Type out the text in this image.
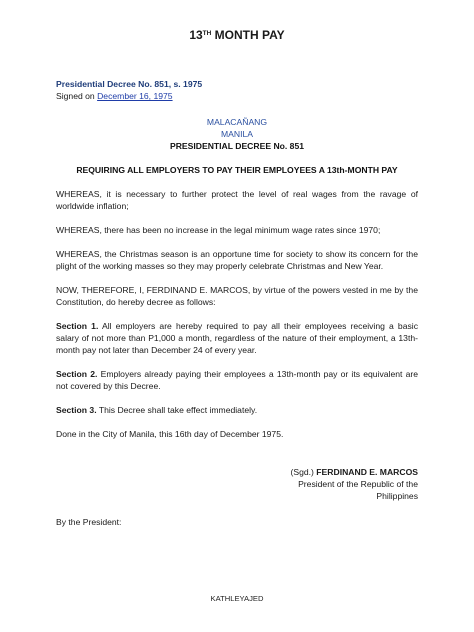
13TH MONTH PAY
Presidential Decree No. 851, s. 1975
Signed on December 16, 1975
MALACAÑANG
MANILA
PRESIDENTIAL DECREE No. 851
REQUIRING ALL EMPLOYERS TO PAY THEIR EMPLOYEES A 13th-MONTH PAY

WHEREAS, it is necessary to further protect the level of real wages from the ravage of worldwide inflation;

WHEREAS, there has been no increase in the legal minimum wage rates since 1970;

WHEREAS, the Christmas season is an opportune time for society to show its concern for the plight of the working masses so they may properly celebrate Christmas and New Year.

NOW, THEREFORE, I, FERDINAND E. MARCOS, by virtue of the powers vested in me by the Constitution, do hereby decree as follows:

Section 1. All employers are hereby required to pay all their employees receiving a basic salary of not more than P1,000 a month, regardless of the nature of their employment, a 13th-month pay not later than December 24 of every year.

Section 2. Employers already paying their employees a 13th-month pay or its equivalent are not covered by this Decree.

Section 3. This Decree shall take effect immediately.

Done in the City of Manila, this 16th day of December 1975.

(Sgd.) FERDINAND E. MARCOS
President of the Republic of the
Philippines
By the President:
KATHLEYAJED
